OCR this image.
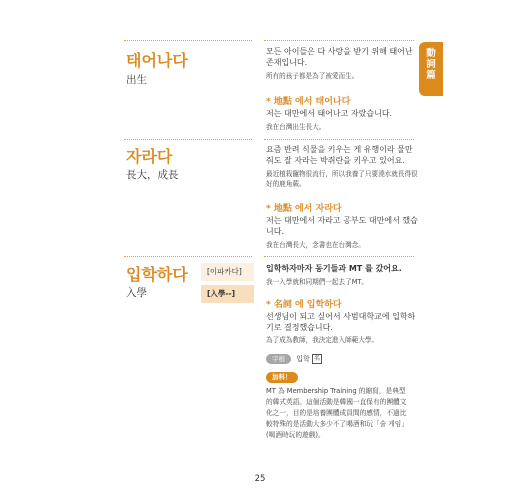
動
詞
篇
태어나다
出生
모든 아이들은 다 사랑을 받기 위해 태어난 존재입니다.
所有的孩子都是為了被愛而生。
* 地點 에서 태어나다
저는 대만에서 태어나고 자랐습니다.
我在台灣出生長大。
자라다
長大，成長
요즘 반려 식물을 키우는 게 유행이라 물만 줘도 잘 자라는 박쥐란을 키우고 있어요.
最近植栽寵物很流行，所以我養了只要澆水就長得很好的鹿角蕨。
* 地點 에서 자라다
저는 대만에서 자라고 공부도 대만에서 했습니다.
我在台灣長大，念書也在台灣念。
입학하다
入學
[이파카다]
[入學--]
입학하자마자 동기들과 MT 를 갔어요.
我一入學就和同期們一起去了MT。
* 名詞 에 입학하다
선생님이 되고 싶어서 사범대학교에 입학하기로 결정했습니다.
為了成為教師，我決定進入師範大學。
字根 입학 名
加料！
MT 為 Membership Training 的縮寫，是典型的韓式英語。這個活動是韓國一直保有的團體文化之一，目的是培養團體成員間的感情，不過比較特殊的是活動大多少不了喝酒和玩「술 게임」(喝酒時玩的遊戲)。
25
